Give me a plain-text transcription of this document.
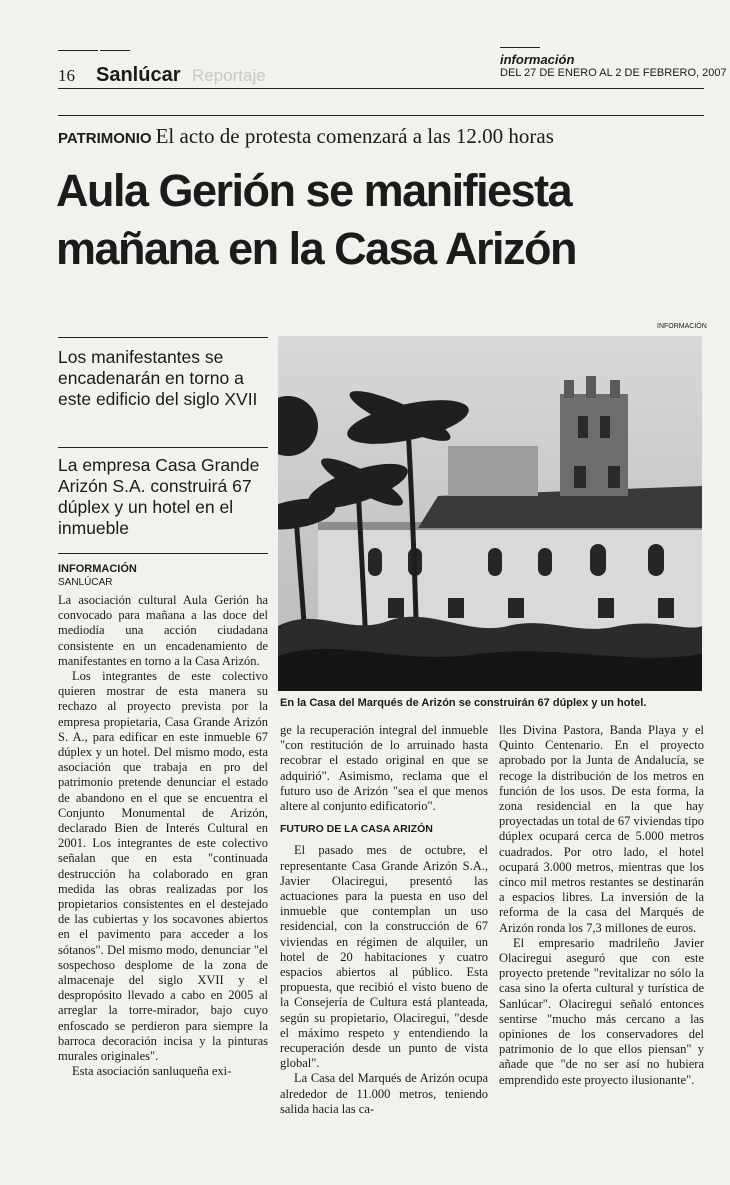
16 Sanlúcar Reportaje
información
DEL 27 DE ENERO AL 2 DE FEBRERO, 2007
PATRIMONIO El acto de protesta comenzará a las 12.00 horas
Aula Gerión se manifiesta
mañana en la Casa Arizón
Los manifestantes se encadenarán en torno a este edificio del siglo XVII
La empresa Casa Grande Arizón S.A. construirá 67 dúplex y un hotel en el inmueble
INFORMACIÓN
SANLÚCAR
INFORMACIÓN
En la Casa del Marqués de Arizón se construirán 67 dúplex y un hotel.

La asociación cultural Aula Gerión ha convocado para mañana a las doce del mediodía una acción ciudadana consistente en un encadenamiento de manifestantes en torno a la Casa Arizón.

Los integrantes de este colectivo quieren mostrar de esta manera su rechazo al proyecto prevista por la empresa propietaria, Casa Grande Arizón S. A., para edificar en este inmueble 67 dúplex y un hotel. Del mismo modo, esta asociación que trabaja en pro del patrimonio pretende denunciar el estado de abandono en el que se encuentra el Conjunto Monumental de Arizón, declarado Bien de Interés Cultural en 2001. Los integrantes de este colectivo señalan que en esta "continuada destrucción ha colaborado en gran medida las obras realizadas por los propietarios consistentes en el destejado de las cubiertas y los socavones abiertos en el pavimento para acceder a los sótanos". Del mismo modo, denunciar "el sospechoso desplome de la zona de almacenaje del siglo XVII y el despropósito llevado a cabo en 2005 al arreglar la torre-mirador, bajo cuyo enfoscado se perdieron para siempre la barroca decoración incisa y la pinturas murales originales".

Esta asociación sanluqueña exi-

ge la recuperación integral del inmueble "con restitución de lo arruinado hasta recobrar el estado original en que se adquirió". Asimismo, reclama que el futuro uso de Arizón "sea el que menos altere al conjunto edificatorio".

FUTURO DE LA CASA ARIZÓN

El pasado mes de octubre, el representante Casa Grande Arizón S.A., Javier Olaciregui, presentó las actuaciones para la puesta en uso del inmueble que contemplan un uso residencial, con la construcción de 67 viviendas en régimen de alquiler, un hotel de 20 habitaciones y cuatro espacios abiertos al público. Esta propuesta, que recibió el visto bueno de la Consejería de Cultura está planteada, según su propietario, Olaciregui, "desde el máximo respeto y entendiendo la recuperación desde un punto de vista global".

La Casa del Marqués de Arizón ocupa alrededor de 11.000 metros, teniendo salida hacia las ca-

lles Divina Pastora, Banda Playa y el Quinto Centenario. En el proyecto aprobado por la Junta de Andalucía, se recoge la distribución de los metros en función de los usos. De esta forma, la zona residencial en la que hay proyectadas un total de 67 viviendas tipo dúplex ocupará cerca de 5.000 metros cuadrados. Por otro lado, el hotel ocupará 3.000 metros, mientras que los cinco mil metros restantes se destinarán a espacios libres. La inversión de la reforma de la casa del Marqués de Arizón ronda los 7,3 millones de euros.

El empresario madrileño Javier Olaciregui aseguró que con este proyecto pretende "revitalizar no sólo la casa sino la oferta cultural y turística de Sanlúcar". Olaciregui señaló entonces sentirse "mucho más cercano a las opiniones de los conservadores del patrimonio de lo que ellos piensan" y añade que "de no ser así no hubiera emprendido este proyecto ilusionante".
